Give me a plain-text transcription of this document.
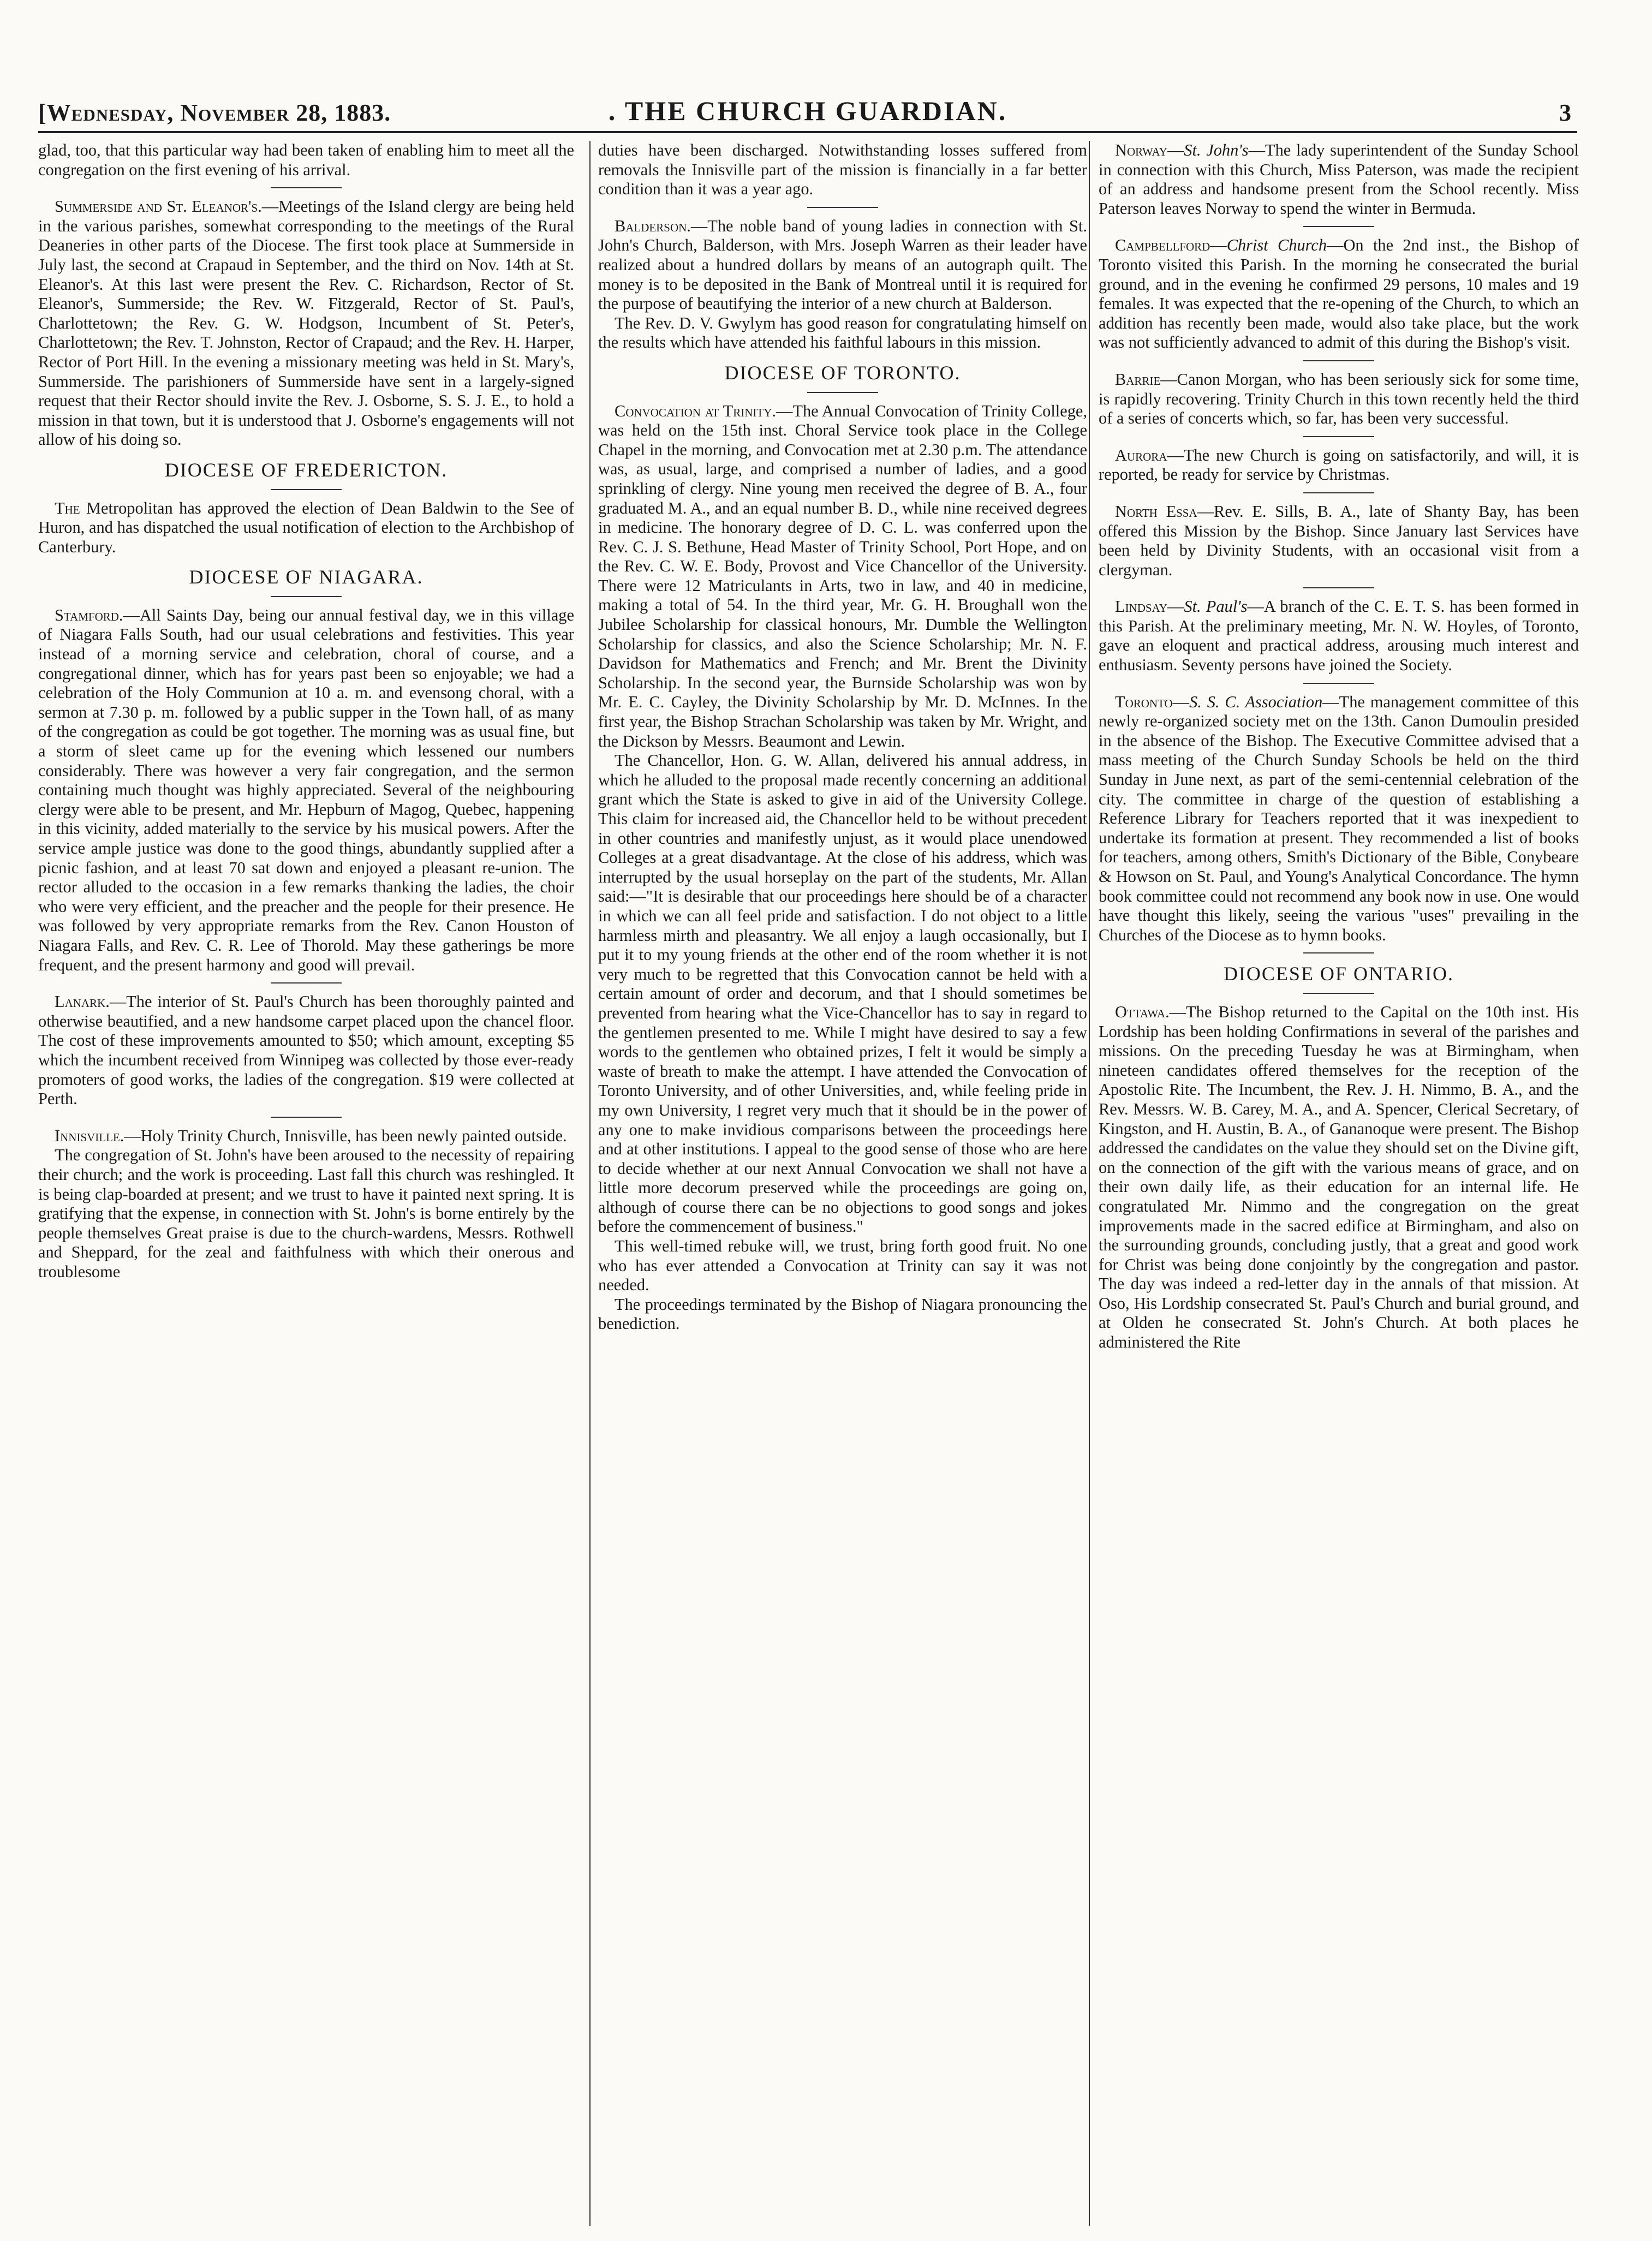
[Wednesday, November 28, 1883.	. THE CHURCH GUARDIAN.	3

glad, too, that this particular way had been taken of enabling him to meet all the congregation on the first evening of his arrival.

Summerside and St. Eleanor's.—Meetings of the Island clergy are being held in the various parishes, somewhat corresponding to the meetings of the Rural Deaneries in other parts of the Diocese. The first took place at Summerside in July last, the second at Crapaud in September, and the third on Nov. 14th at St. Eleanor's. At this last were present the Rev. C. Richardson, Rector of St. Eleanor's, Summerside; the Rev. W. Fitzgerald, Rector of St. Paul's, Charlottetown; the Rev. G. W. Hodgson, Incumbent of St. Peter's, Charlottetown; the Rev. T. Johnston, Rector of Crapaud; and the Rev. H. Harper, Rector of Port Hill. In the evening a missionary meeting was held in St. Mary's, Summerside. The parishioners of Summerside have sent in a largely-signed request that their Rector should invite the Rev. J. Osborne, S. S. J. E., to hold a mission in that town, but it is understood that J. Osborne's engagements will not allow of his doing so.

DIOCESE OF FREDERICTON.

The Metropolitan has approved the election of Dean Baldwin to the See of Huron, and has dispatched the usual notification of election to the Archbishop of Canterbury.

DIOCESE OF NIAGARA.

Stamford.—All Saints Day, being our annual festival day, we in this village of Niagara Falls South, had our usual celebrations and festivities. This year instead of a morning service and celebration, choral of course, and a congregational dinner, which has for years past been so enjoyable; we had a celebration of the Holy Communion at 10 a. m. and evensong choral, with a sermon at 7.30 p. m. followed by a public supper in the Town hall, of as many of the congregation as could be got together. The morning was as usual fine, but a storm of sleet came up for the evening which lessened our numbers considerably. There was however a very fair congregation, and the sermon containing much thought was highly appreciated. Several of the neighbouring clergy were able to be present, and Mr. Hepburn of Magog, Quebec, happening in this vicinity, added materially to the service by his musical powers. After the service ample justice was done to the good things, abundantly supplied after a picnic fashion, and at least 70 sat down and enjoyed a pleasant re-union. The rector alluded to the occasion in a few remarks thanking the ladies, the choir who were very efficient, and the preacher and the people for their presence. He was followed by very appropriate remarks from the Rev. Canon Houston of Niagara Falls, and Rev. C. R. Lee of Thorold. May these gatherings be more frequent, and the present harmony and good will prevail.

Lanark.—The interior of St. Paul's Church has been thoroughly painted and otherwise beautified, and a new handsome carpet placed upon the chancel floor. The cost of these improvements amounted to $50; which amount, excepting $5 which the incumbent received from Winnipeg was collected by those ever-ready promoters of good works, the ladies of the congregation. $19 were collected at Perth.

Innisville.—Holy Trinity Church, Innisville, has been newly painted outside.

The congregation of St. John's have been aroused to the necessity of repairing their church; and the work is proceeding. Last fall this church was reshingled. It is being clap-boarded at present; and we trust to have it painted next spring. It is gratifying that the expense, in connection with St. John's is borne entirely by the people themselves Great praise is due to the church-wardens, Messrs. Rothwell and Sheppard, for the zeal and faithfulness with which their onerous and troublesome

duties have been discharged. Notwithstanding losses suffered from removals the Innisville part of the mission is financially in a far better condition than it was a year ago.

Balderson.—The noble band of young ladies in connection with St. John's Church, Balderson, with Mrs. Joseph Warren as their leader have realized about a hundred dollars by means of an autograph quilt. The money is to be deposited in the Bank of Montreal until it is required for the purpose of beautifying the interior of a new church at Balderson.

The Rev. D. V. Gwylym has good reason for congratulating himself on the results which have attended his faithful labours in this mission.

DIOCESE OF TORONTO.

Convocation at Trinity.—The Annual Convocation of Trinity College, was held on the 15th inst. Choral Service took place in the College Chapel in the morning, and Convocation met at 2.30 p.m. The attendance was, as usual, large, and comprised a number of ladies, and a good sprinkling of clergy. Nine young men received the degree of B. A., four graduated M. A., and an equal number B. D., while nine received degrees in medicine. The honorary degree of D. C. L. was conferred upon the Rev. C. J. S. Bethune, Head Master of Trinity School, Port Hope, and on the Rev. C. W. E. Body, Provost and Vice Chancellor of the University. There were 12 Matriculants in Arts, two in law, and 40 in medicine, making a total of 54. In the third year, Mr. G. H. Broughall won the Jubilee Scholarship for classical honours, Mr. Dumble the Wellington Scholarship for classics, and also the Science Scholarship; Mr. N. F. Davidson for Mathematics and French; and Mr. Brent the Divinity Scholarship. In the second year, the Burnside Scholarship was won by Mr. E. C. Cayley, the Divinity Scholarship by Mr. D. McInnes. In the first year, the Bishop Strachan Scholarship was taken by Mr. Wright, and the Dickson by Messrs. Beaumont and Lewin.

The Chancellor, Hon. G. W. Allan, delivered his annual address, in which he alluded to the proposal made recently concerning an additional grant which the State is asked to give in aid of the University College. This claim for increased aid, the Chancellor held to be without precedent in other countries and manifestly unjust, as it would place unendowed Colleges at a great disadvantage. At the close of his address, which was interrupted by the usual horseplay on the part of the students, Mr. Allan said:—"It is desirable that our proceedings here should be of a character in which we can all feel pride and satisfaction. I do not object to a little harmless mirth and pleasantry. We all enjoy a laugh occasionally, but I put it to my young friends at the other end of the room whether it is not very much to be regretted that this Convocation cannot be held with a certain amount of order and decorum, and that I should sometimes be prevented from hearing what the Vice-Chancellor has to say in regard to the gentlemen presented to me. While I might have desired to say a few words to the gentlemen who obtained prizes, I felt it would be simply a waste of breath to make the attempt. I have attended the Convocation of Toronto University, and of other Universities, and, while feeling pride in my own University, I regret very much that it should be in the power of any one to make invidious comparisons between the proceedings here and at other institutions. I appeal to the good sense of those who are here to decide whether at our next Annual Convocation we shall not have a little more decorum preserved while the proceedings are going on, although of course there can be no objections to good songs and jokes before the commencement of business."

This well-timed rebuke will, we trust, bring forth good fruit. No one who has ever attended a Convocation at Trinity can say it was not needed.

The proceedings terminated by the Bishop of Niagara pronouncing the benediction.

Norway—St. John's—The lady superintendent of the Sunday School in connection with this Church, Miss Paterson, was made the recipient of an address and handsome present from the School recently. Miss Paterson leaves Norway to spend the winter in Bermuda.

Campbellford—Christ Church—On the 2nd inst., the Bishop of Toronto visited this Parish. In the morning he consecrated the burial ground, and in the evening he confirmed 29 persons, 10 males and 19 females. It was expected that the re-opening of the Church, to which an addition has recently been made, would also take place, but the work was not sufficiently advanced to admit of this during the Bishop's visit.

Barrie—Canon Morgan, who has been seriously sick for some time, is rapidly recovering. Trinity Church in this town recently held the third of a series of concerts which, so far, has been very successful.

Aurora—The new Church is going on satisfactorily, and will, it is reported, be ready for service by Christmas.

North Essa—Rev. E. Sills, B. A., late of Shanty Bay, has been offered this Mission by the Bishop. Since January last Services have been held by Divinity Students, with an occasional visit from a clergyman.

Lindsay—St. Paul's—A branch of the C. E. T. S. has been formed in this Parish. At the preliminary meeting, Mr. N. W. Hoyles, of Toronto, gave an eloquent and practical address, arousing much interest and enthusiasm. Seventy persons have joined the Society.

Toronto—S. S. C. Association—The management committee of this newly re-organized society met on the 13th. Canon Dumoulin presided in the absence of the Bishop. The Executive Committee advised that a mass meeting of the Church Sunday Schools be held on the third Sunday in June next, as part of the semi-centennial celebration of the city. The committee in charge of the question of establishing a Reference Library for Teachers reported that it was inexpedient to undertake its formation at present. They recommended a list of books for teachers, among others, Smith's Dictionary of the Bible, Conybeare & Howson on St. Paul, and Young's Analytical Concordance. The hymn book committee could not recommend any book now in use. One would have thought this likely, seeing the various "uses" prevailing in the Churches of the Diocese as to hymn books.

DIOCESE OF ONTARIO.

Ottawa.—The Bishop returned to the Capital on the 10th inst. His Lordship has been holding Confirmations in several of the parishes and missions. On the preceding Tuesday he was at Birmingham, when nineteen candidates offered themselves for the reception of the Apostolic Rite. The Incumbent, the Rev. J. H. Nimmo, B. A., and the Rev. Messrs. W. B. Carey, M. A., and A. Spencer, Clerical Secretary, of Kingston, and H. Austin, B. A., of Gananoque were present. The Bishop addressed the candidates on the value they should set on the Divine gift, on the connection of the gift with the various means of grace, and on their own daily life, as their education for an internal life. He congratulated Mr. Nimmo and the congregation on the great improvements made in the sacred edifice at Birmingham, and also on the surrounding grounds, concluding justly, that a great and good work for Christ was being done conjointly by the congregation and pastor. The day was indeed a red-letter day in the annals of that mission. At Oso, His Lordship consecrated St. Paul's Church and burial ground, and at Olden he consecrated St. John's Church. At both places he administered the Rite
